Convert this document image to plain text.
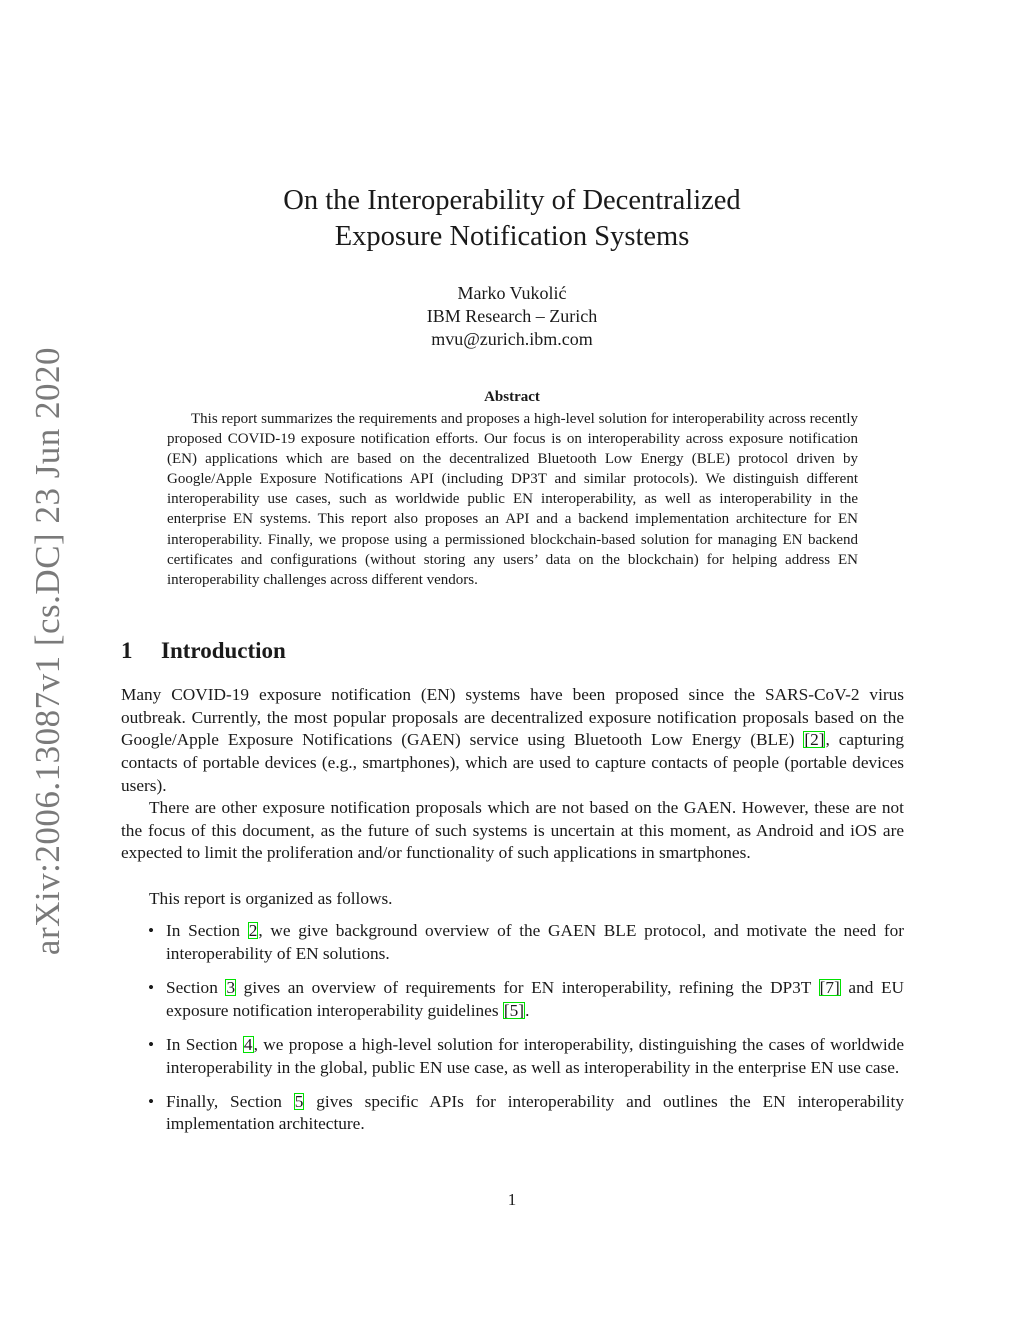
arXiv:2006.13087v1 [cs.DC] 23 Jun 2020
On the Interoperability of Decentralized
Exposure Notification Systems
Marko Vukolić
IBM Research – Zurich
mvu@zurich.ibm.com
Abstract
This report summarizes the requirements and proposes a high-level solution for interoperability across recently proposed COVID-19 exposure notification efforts. Our focus is on interoperability across exposure notification (EN) applications which are based on the decentralized Bluetooth Low Energy (BLE) protocol driven by Google/Apple Exposure Notifications API (including DP3T and similar protocols). We distinguish different interoperability use cases, such as worldwide public EN interoperability, as well as interoperability in the enterprise EN systems. This report also proposes an API and a backend implementation architecture for EN interoperability. Finally, we propose using a permissioned blockchain-based solution for managing EN backend certificates and configurations (without storing any users’ data on the blockchain) for helping address EN interoperability challenges across different vendors.
1 Introduction

Many COVID-19 exposure notification (EN) systems have been proposed since the SARS-CoV-2 virus outbreak. Currently, the most popular proposals are decentralized exposure notification proposals based on the Google/Apple Exposure Notifications (GAEN) service using Bluetooth Low Energy (BLE) [2], capturing contacts of portable devices (e.g., smartphones), which are used to capture contacts of people (portable devices users).

There are other exposure notification proposals which are not based on the GAEN. However, these are not the focus of this document, as the future of such systems is uncertain at this moment, as Android and iOS are expected to limit the proliferation and/or functionality of such applications in smartphones.

This report is organized as follows.

• In Section 2, we give background overview of the GAEN BLE protocol, and motivate the need for interoperability of EN solutions.
• Section 3 gives an overview of requirements for EN interoperability, refining the DP3T [7] and EU exposure notification interoperability guidelines [5].
• In Section 4, we propose a high-level solution for interoperability, distinguishing the cases of worldwide interoperability in the global, public EN use case, as well as interoperability in the enterprise EN use case.
• Finally, Section 5 gives specific APIs for interoperability and outlines the EN interoperability implementation architecture.
1
